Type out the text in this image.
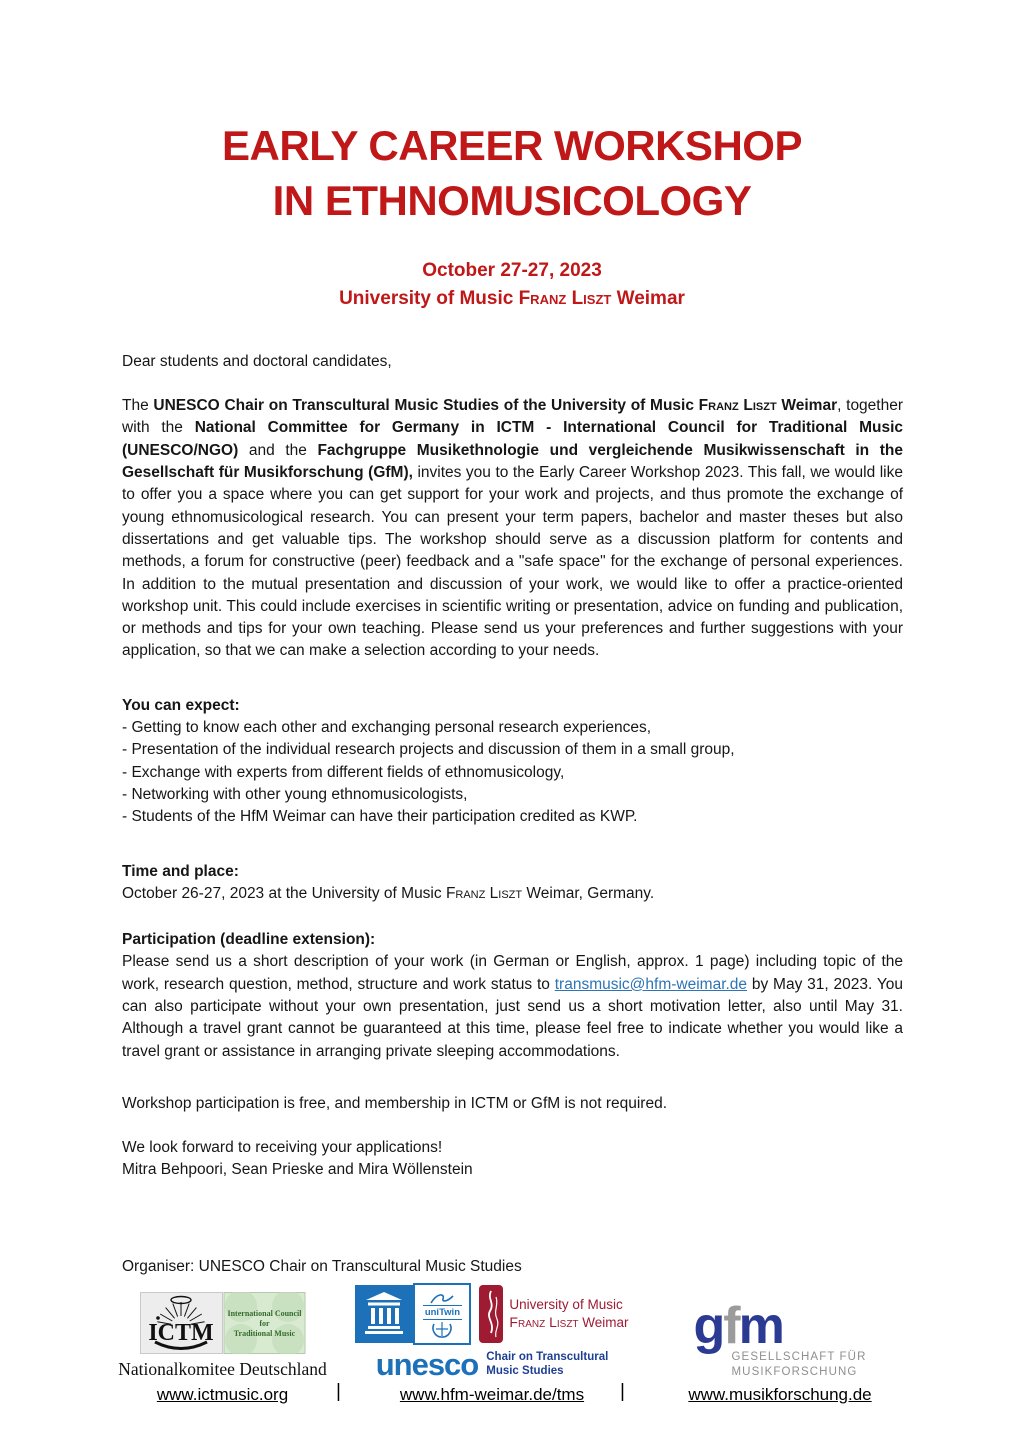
EARLY CAREER WORKSHOP
IN ETHNOMUSICOLOGY
October 27-27, 2023
University of Music Franz Liszt Weimar

Dear students and doctoral candidates,

The UNESCO Chair on Transcultural Music Studies of the University of Music Franz Liszt Weimar, together with the National Committee for Germany in ICTM - International Council for Traditional Music (UNESCO/NGO) and the Fachgruppe Musikethnologie und vergleichende Musikwissenschaft in the Gesellschaft für Musikforschung (GfM), invites you to the Early Career Workshop 2023. This fall, we would like to offer you a space where you can get support for your work and projects, and thus promote the exchange of young ethnomusicological research. You can present your term papers, bachelor and master theses but also dissertations and get valuable tips. The workshop should serve as a discussion platform for contents and methods, a forum for constructive (peer) feedback and a "safe space" for the exchange of personal experiences. In addition to the mutual presentation and discussion of your work, we would like to offer a practice-oriented workshop unit. This could include exercises in scientific writing or presentation, advice on funding and publication, or methods and tips for your own teaching. Please send us your preferences and further suggestions with your application, so that we can make a selection according to your needs.

You can expect:

- Getting to know each other and exchanging personal research experiences,
- Presentation of the individual research projects and discussion of them in a small group,
- Exchange with experts from different fields of ethnomusicology,
- Networking with other young ethnomusicologists,
- Students of the HfM Weimar can have their participation credited as KWP.

Time and place:

October 26-27, 2023 at the University of Music Franz Liszt Weimar, Germany.

Participation (deadline extension):

Please send us a short description of your work (in German or English, approx. 1 page) including topic of the work, research question, method, structure and work status to transmusic@hfm-weimar.de by May 31, 2023. You can also participate without your own presentation, just send us a short motivation letter, also until May 31. Although a travel grant cannot be guaranteed at this time, please feel free to indicate whether you would like a travel grant or assistance in arranging private sleeping accommodations.

Workshop participation is free, and membership in ICTM or GfM is not required.

We look forward to receiving your applications!

Mitra Behpoori, Sean Prieske and Mira Wöllenstein

Organiser: UNESCO Chair on Transcultural Music Studies

ICTM
International Council
for
Traditional Music
Nationalkomitee Deutschland
www.ictmusic.org
uniTwin
University of Music
Franz Liszt Weimar
unesco Chair on Transcultural
Music Studies
www.hfm-weimar.de/tms
gfm
GESELLSCHAFT FÜR
MUSIKFORSCHUNG
www.musikforschung.de
|	|
